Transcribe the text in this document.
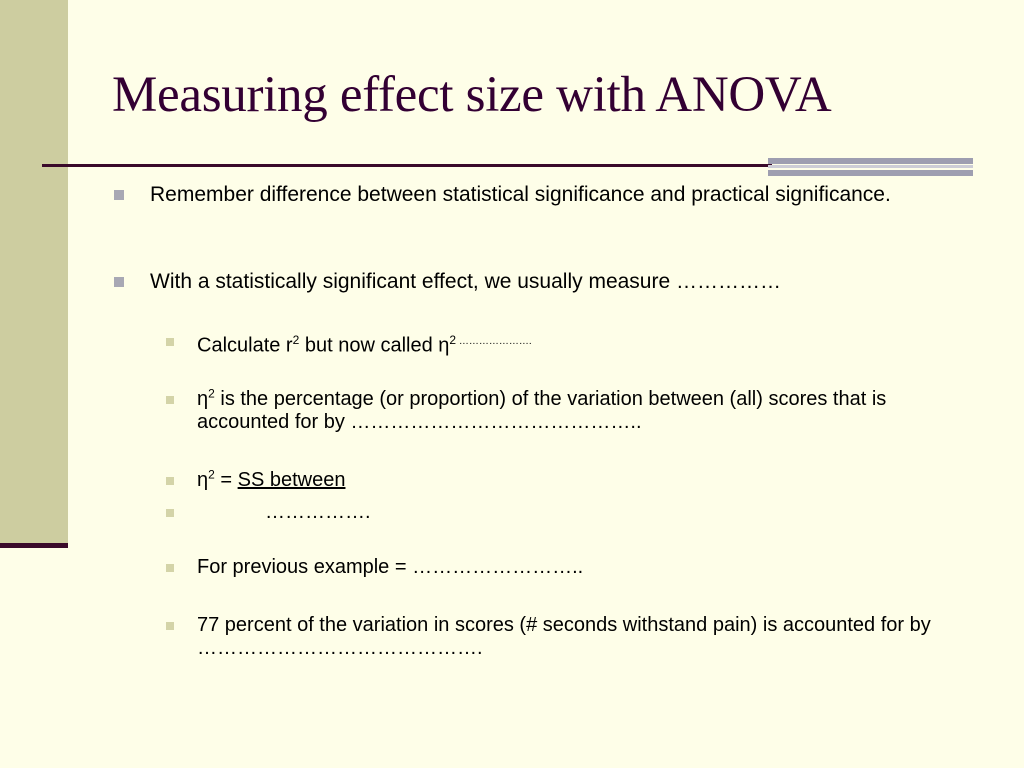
Measuring effect size with ANOVA
Remember difference between statistical significance and practical significance.
With a statistically significant effect, we usually measure ……………
Calculate $r^2$ but now called $\eta^2$ ………………….
$\eta^2$ is the percentage (or proportion) of the variation between (all) scores that is accounted for by ……………………………………..
$\eta^2$ = SS between
…………….
For previous example = ……………………..
77 percent of the variation in scores (# seconds withstand pain) is accounted for by …………………………………….
